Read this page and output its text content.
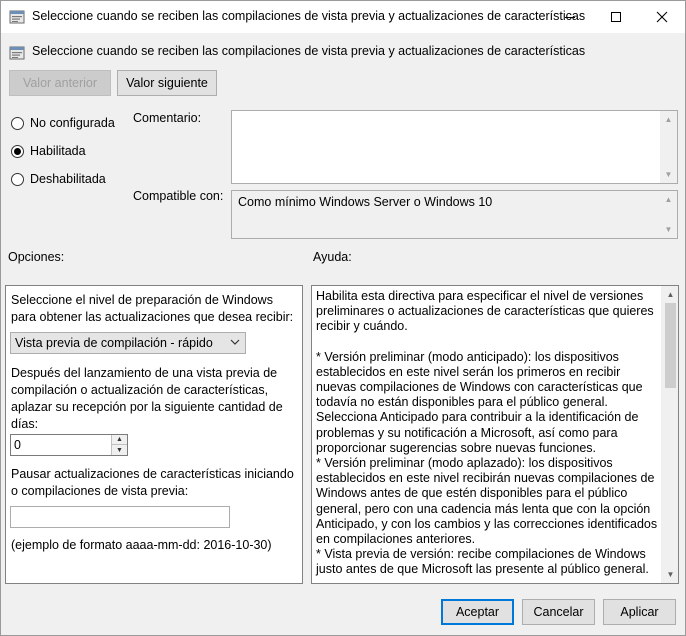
Seleccione cuando se reciben las compilaciones de vista previa y actualizaciones de características
Seleccione cuando se reciben las compilaciones de vista previa y actualizaciones de características
Valor anterior Valor siguiente
No configurada
Habilitada
Deshabilitada
Comentario:	▲
▼
Compatible con: Como mínimo Windows Server o Windows 10	▲
▼
Opciones:	Ayuda:
Seleccione el nivel de preparación de Windows para obtener las actualizaciones que desea recibir:
Vista previa de compilación - rápido
Después del lanzamiento de una vista previa de compilación o actualización de características, aplazar su recepción por la siguiente cantidad de días:
0	▲
▼
Pausar actualizaciones de características iniciando o compilaciones de vista previa:
(ejemplo de formato aaaa-mm-dd: 2016-10-30)

Habilita esta directiva para especificar el nivel de versiones preliminares o actualizaciones de características que quieres recibir y cuándo.

* Versión preliminar (modo anticipado): los dispositivos establecidos en este nivel serán los primeros en recibir nuevas compilaciones de Windows con características que todavía no están disponibles para el público general. Selecciona Anticipado para contribuir a la identificación de problemas y su notificación a Microsoft, así como para proporcionar sugerencias sobre nuevas funciones.

* Versión preliminar (modo aplazado): los dispositivos establecidos en este nivel recibirán nuevas compilaciones de Windows antes de que estén disponibles para el público general, pero con una cadencia más lenta que con la opción Anticipado, y con los cambios y las correcciones identificados en compilaciones anteriores.

* Vista previa de versión: recibe compilaciones de Windows justo antes de que Microsoft las presente al público general.

▲
▼
Aceptar	Cancelar	Aplicar
